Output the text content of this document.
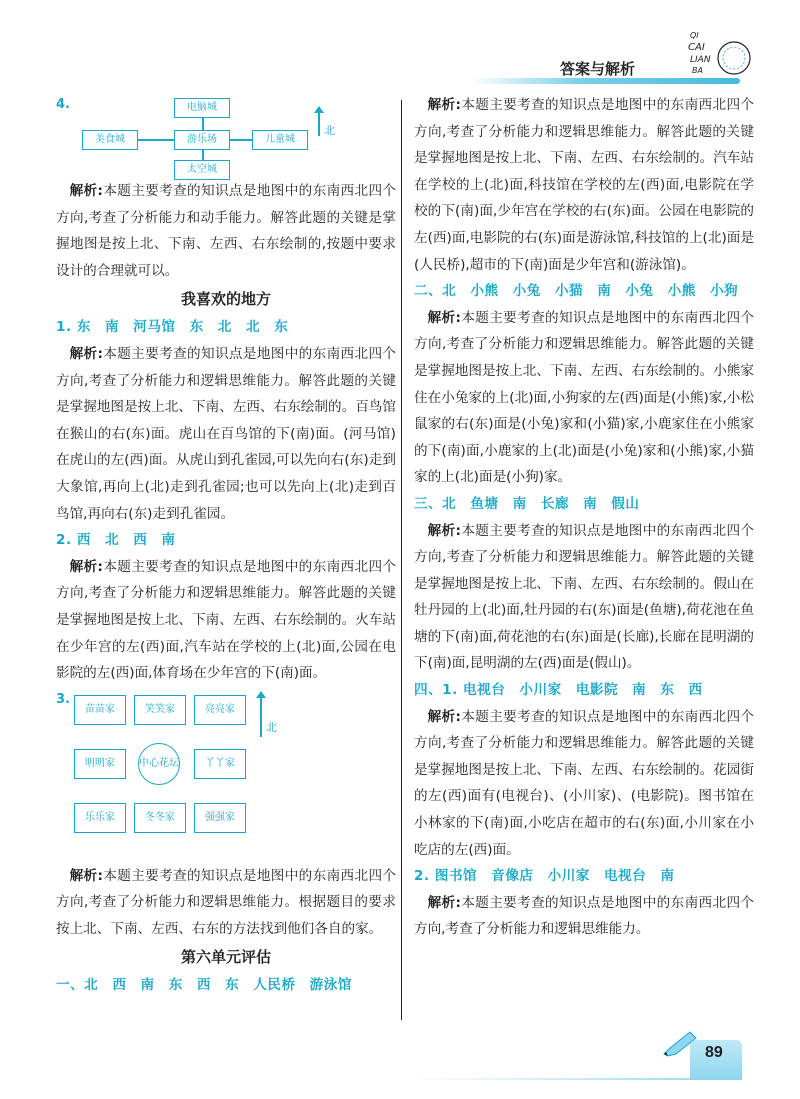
答案与解析
QI
CAI
LIAN
BA
4.	电脑城
美食城	游乐场	儿童城
太空城
北

解析:本题主要考查的知识点是地图中的东南西北四个方向,考查了分析能力和动手能力。解答此题的关键是掌握地图是按上北、下南、左西、右东绘制的,按题中要求设计的合理就可以。

我喜欢的地方

1. 东　南　河马馆　东　北　北　东

解析:本题主要考查的知识点是地图中的东南西北四个方向,考查了分析能力和逻辑思维能力。解答此题的关键是掌握地图是按上北、下南、左西、右东绘制的。百鸟馆在猴山的右(东)面。虎山在百鸟馆的下(南)面。(河马馆)在虎山的左(西)面。从虎山到孔雀园,可以先向右(东)走到大象馆,再向上(北)走到孔雀园;也可以先向上(北)走到百鸟馆,再向右(东)走到孔雀园。

2. 西　北　西　南

解析:本题主要考查的知识点是地图中的东南西北四个方向,考查了分析能力和逻辑思维能力。解答此题的关键是掌握地图是按上北、下南、左西、右东绘制的。火车站在少年宫的左(西)面,汽车站在学校的上(北)面,公园在电影院的左(西)面,体育场在少年宫的下(南)面。

3.
苗苗家	笑笑家	亮亮家
明明家	中心花坛	丫丫家
乐乐家	冬冬家	强强家
北

解析:本题主要考查的知识点是地图中的东南西北四个方向,考查了分析能力和逻辑思维能力。根据题目的要求按上北、下南、左西、右东的方法找到他们各自的家。

第六单元评估

一、北　西　南　东　西　东　人民桥　游泳馆

解析:本题主要考查的知识点是地图中的东南西北四个方向,考查了分析能力和逻辑思维能力。解答此题的关键是掌握地图是按上北、下南、左西、右东绘制的。汽车站在学校的上(北)面,科技馆在学校的左(西)面,电影院在学校的下(南)面,少年宫在学校的右(东)面。公园在电影院的左(西)面,电影院的右(东)面是游泳馆,科技馆的上(北)面是(人民桥),超市的下(南)面是少年宫和(游泳馆)。

二、北　小熊　小兔　小猫　南　小兔　小熊　小狗

解析:本题主要考查的知识点是地图中的东南西北四个方向,考查了分析能力和逻辑思维能力。解答此题的关键是掌握地图是按上北、下南、左西、右东绘制的。小熊家住在小兔家的上(北)面,小狗家的左(西)面是(小熊)家,小松鼠家的右(东)面是(小兔)家和(小猫)家,小鹿家住在小熊家的下(南)面,小鹿家的上(北)面是(小兔)家和(小熊)家,小猫家的上(北)面是(小狗)家。

三、北　鱼塘　南　长廊　南　假山

解析:本题主要考查的知识点是地图中的东南西北四个方向,考查了分析能力和逻辑思维能力。解答此题的关键是掌握地图是按上北、下南、左西、右东绘制的。假山在牡丹园的上(北)面,牡丹园的右(东)面是(鱼塘),荷花池在鱼塘的下(南)面,荷花池的右(东)面是(长廊),长廊在昆明湖的下(南)面,昆明湖的左(西)面是(假山)。

四、1. 电视台　小川家　电影院　南　东　西

解析:本题主要考查的知识点是地图中的东南西北四个方向,考查了分析能力和逻辑思维能力。解答此题的关键是掌握地图是按上北、下南、左西、右东绘制的。花园街的左(西)面有(电视台)、(小川家)、(电影院)。图书馆在小林家的下(南)面,小吃店在超市的右(东)面,小川家在小吃店的左(西)面。

2. 图书馆　音像店　小川家　电视台　南

解析:本题主要考查的知识点是地图中的东南西北四个方向,考查了分析能力和逻辑思维能力。

89
